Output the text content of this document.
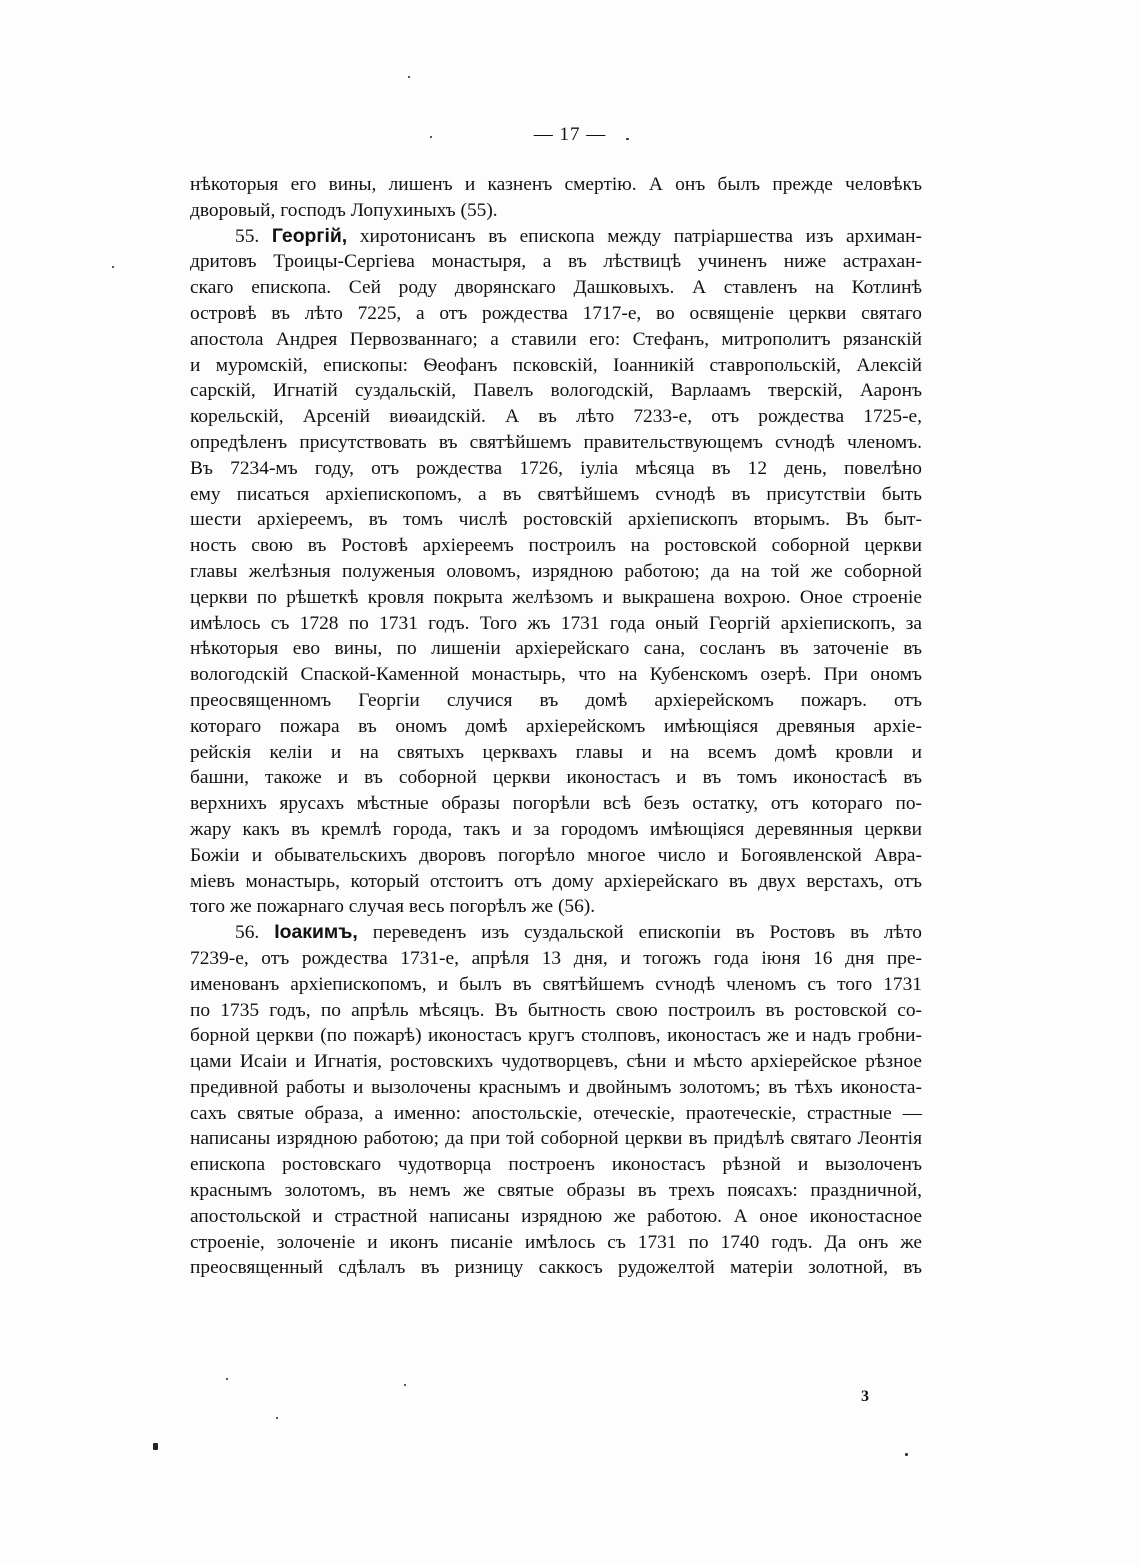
— 17 —
нѣкоторыя его вины, лишенъ и казненъ смертію. А онъ былъ прежде человѣкъ
дворовый, господъ Лопухиныхъ (55).
55. Георгій, хиротонисанъ въ епископа между патріаршества изъ архиман-
дритовъ Троицы-Сергіева монастыря, а въ лѣствицѣ учиненъ ниже астрахан-
скаго епископа. Сей роду дворянскаго Дашковыхъ. А ставленъ на Котлинѣ
островѣ въ лѣто 7225, а отъ рождества 1717-е, во освященіе церкви святаго
апостола Андрея Первозваннаго; а ставили его: Стефанъ, митрополитъ рязанскій
и муромскій, епископы: Ѳеофанъ псковскій, Іоанникій ставропольскій, Алексій
сарскій, Игнатій суздальскій, Павелъ вологодскій, Варлаамъ тверскій, Ааронъ
корельскій, Арсеній виѳаидскій. А въ лѣто 7233-е, отъ рождества 1725-е,
опредѣленъ присутствовать въ святѣйшемъ правительствующемъ сѵнодѣ членомъ.
Въ 7234-мъ году, отъ рождества 1726, іуліа мѣсяца въ 12 день, повелѣно
ему писаться архіепископомъ, а въ святѣйшемъ сѵнодѣ въ присутствіи быть
шести архіереемъ, въ томъ числѣ ростовскій архіепископъ вторымъ. Въ быт-
ность свою въ Ростовѣ архіереемъ построилъ на ростовской соборной церкви
главы желѣзныя полуженыя оловомъ, изрядною работою; да на той же соборной
церкви по рѣшеткѣ кровля покрыта желѣзомъ и выкрашена вохрою. Оное строеніе
имѣлось съ 1728 по 1731 годъ. Того жъ 1731 года оный Георгій архіепископъ, за
нѣкоторыя ево вины, по лишеніи архіерейскаго сана, сосланъ въ заточеніе въ
вологодскій Спаской-Каменной монастырь, что на Кубенскомъ озерѣ. При ономъ
преосвященномъ Георгіи случися въ домѣ архіерейскомъ пожаръ. отъ
котораго пожара въ ономъ домѣ архіерейскомъ имѣющіяся древяныя архіе-
рейскія келіи и на святыхъ церквахъ главы и на всемъ домѣ кровли и
башни, такоже и въ соборной церкви иконостасъ и въ томъ иконостасѣ въ
верхнихъ ярусахъ мѣстные образы погорѣли всѣ безъ остатку, отъ котораго по-
жару какъ въ кремлѣ города, такъ и за городомъ имѣющіяся деревянныя церкви
Божіи и обывательскихъ дворовъ погорѣло многое число и Богоявленской Авра-
міевъ монастырь, который отстоитъ отъ дому архіерейскаго въ двух верстахъ, отъ
того же пожарнаго случая весь погорѣлъ же (56).
56. Іоакимъ, переведенъ изъ суздальской епископіи въ Ростовъ въ лѣто
7239-е, отъ рождества 1731-е, апрѣля 13 дня, и тогожъ года іюня 16 дня пре-
именованъ архіепископомъ, и былъ въ святѣйшемъ сѵнодѣ членомъ съ того 1731
по 1735 годъ, по апрѣль мѣсяцъ. Въ бытность свою построилъ въ ростовской со-
борной церкви (по пожарѣ) иконостасъ кругъ столповъ, иконостасъ же и надъ гробни-
цами Исаіи и Игнатія, ростовскихъ чудотворцевъ, сѣни и мѣсто архіерейское рѣзное
предивной работы и вызолочены краснымъ и двойнымъ золотомъ; въ тѣхъ иконоста-
сахъ святые образа, а именно: апостольскіе, отеческіе, праотеческіе, страстные —
написаны изрядною работою; да при той соборной церкви въ придѣлѣ святаго Леонтія
епископа ростовскаго чудотворца построенъ иконостасъ рѣзной и вызолоченъ
краснымъ золотомъ, въ немъ же святые образы въ трехъ поясахъ: праздничной,
апостольской и страстной написаны изрядною же работою. А оное иконостасное
строеніе, золоченіе и иконъ писаніе имѣлось съ 1731 по 1740 годъ. Да онъ же
преосвященный сдѣлалъ въ ризницу саккосъ рудожелтой матеріи золотной, въ
3
